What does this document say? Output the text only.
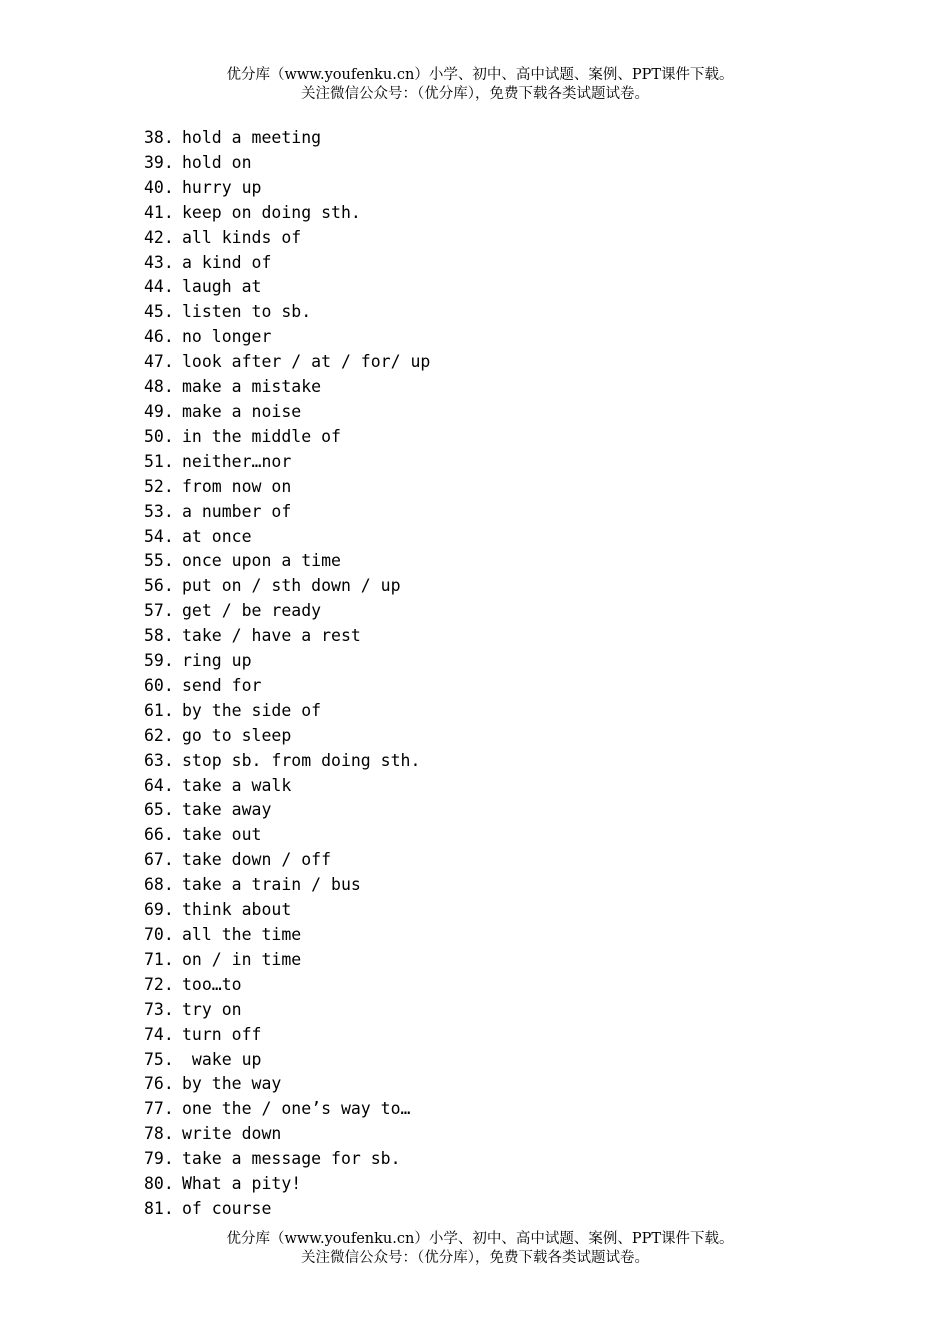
优分库（www.youfenku.cn）小学、初中、高中试题、案例、PPT课件下载。
关注微信公众号：（优分库），免费下载各类试题试卷。
38. hold a meeting
39. hold on
40. hurry up
41. keep on doing sth.
42. all kinds of
43. a kind of
44. laugh at
45. listen to sb.
46. no longer
47. look after / at / for/ up
48. make a mistake
49. make a noise
50. in the middle of
51. neither…nor
52. from now on
53. a number of
54. at once
55. once upon a time
56. put on / sth down / up
57. get / be ready
58. take / have a rest
59. ring up
60. send for
61. by the side of
62. go to sleep
63. stop sb. from doing sth.
64. take a walk
65. take away
66. take out
67. take down / off
68. take a train / bus
69. think about
70. all the time
71. on / in time
72. too…to
73. try on
74. turn off
75. wake up
76. by the way
77. one the / one’s way to…
78. write down
79. take a message for sb.
80. What a pity!
81. of course
优分库（www.youfenku.cn）小学、初中、高中试题、案例、PPT课件下载。
关注微信公众号：（优分库），免费下载各类试题试卷。
